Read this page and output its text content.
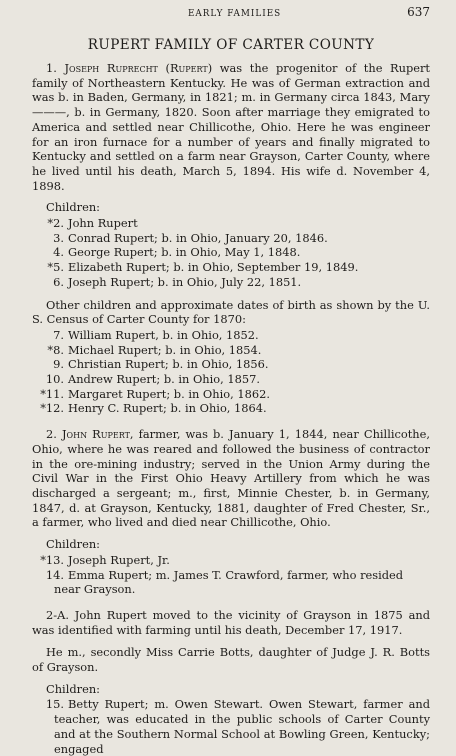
EARLY FAMILIES	637
RUPERT FAMILY OF CARTER COUNTY

1. Joseph Ruprecht (Rupert) was the progenitor of the Rupert family of Northeastern Kentucky. He was of German extraction and was b. in Baden, Germany, in 1821; m. in Germany circa 1843, Mary ———, b. in Germany, 1820. Soon after marriage they emigrated to America and settled near Chillicothe, Ohio. Here he was engineer for an iron furnace for a number of years and finally migrated to Kentucky and settled on a farm near Grayson, Carter County, where he lived until his death, March 5, 1894. His wife d. November 4, 1898.

Children:
*2. John Rupert
3. Conrad Rupert; b. in Ohio, January 20, 1846.
4. George Rupert; b. in Ohio, May 1, 1848.
*5. Elizabeth Rupert; b. in Ohio, September 19, 1849.
6. Joseph Rupert; b. in Ohio, July 22, 1851.

Other children and approximate dates of birth as shown by the U. S. Census of Carter County for 1870:

7. William Rupert, b. in Ohio, 1852.
*8. Michael Rupert; b. in Ohio, 1854.
9. Christian Rupert; b. in Ohio, 1856.
10. Andrew Rupert; b. in Ohio, 1857.
*11. Margaret Rupert; b. in Ohio, 1862.
*12. Henry C. Rupert; b. in Ohio, 1864.

2. John Rupert, farmer, was b. January 1, 1844, near Chillicothe, Ohio, where he was reared and followed the business of contractor in the ore-mining industry; served in the Union Army during the Civil War in the First Ohio Heavy Artillery from which he was discharged a sergeant; m., first, Minnie Chester, b. in Germany, 1847, d. at Grayson, Kentucky, 1881, daughter of Fred Chester, Sr., a farmer, who lived and died near Chillicothe, Ohio.

Children:
*13. Joseph Rupert, Jr.
14. Emma Rupert; m. James T. Crawford, farmer, who resided near Grayson.

2-A. John Rupert moved to the vicinity of Grayson in 1875 and was identified with farming until his death, December 17, 1917.

He m., secondly Miss Carrie Botts, daughter of Judge J. R. Botts of Grayson.

Children:
15. Betty Rupert; m. Owen Stewart. Owen Stewart, farmer and teacher, was educated in the public schools of Carter County and at the Southern Normal School at Bowling Green, Kentucky; engaged
